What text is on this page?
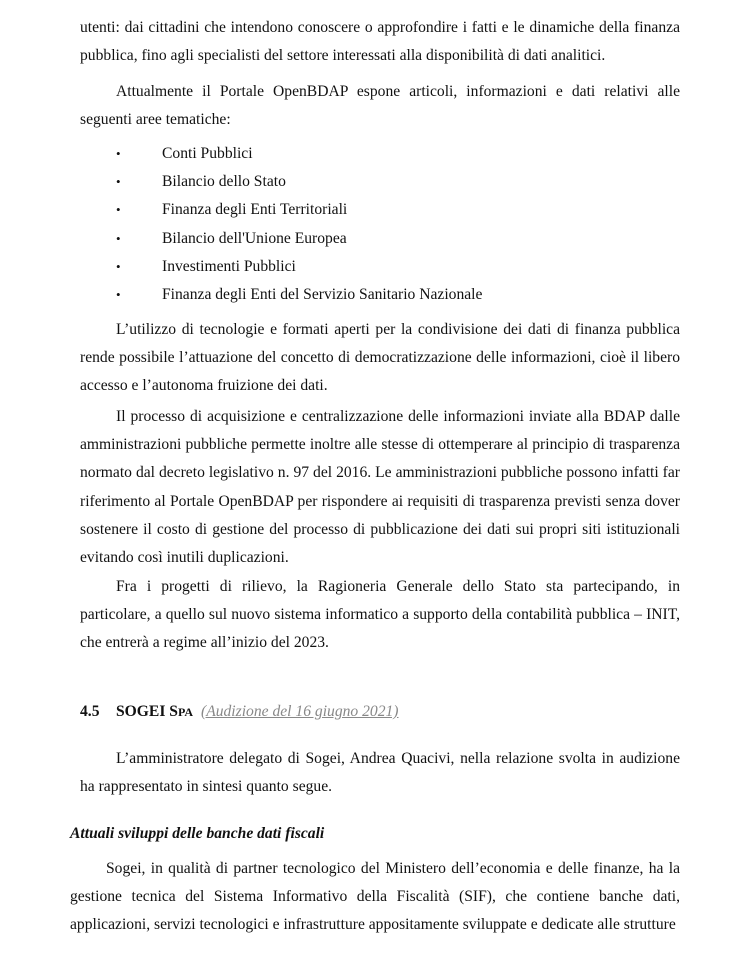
utenti: dai cittadini che intendono conoscere o approfondire i fatti e le dinamiche della finanza pubblica, fino agli specialisti del settore interessati alla disponibilità di dati analitici.

Attualmente il Portale OpenBDAP espone articoli, informazioni e dati relativi alle seguenti aree tematiche:

•	Conti Pubblici
•	Bilancio dello Stato
•	Finanza degli Enti Territoriali
•	Bilancio dell'Unione Europea
•	Investimenti Pubblici
•	Finanza degli Enti del Servizio Sanitario Nazionale

L’utilizzo di tecnologie e formati aperti per la condivisione dei dati di finanza pubblica rende possibile l’attuazione del concetto di democratizzazione delle informazioni, cioè il libero accesso e l’autonoma fruizione dei dati.

Il processo di acquisizione e centralizzazione delle informazioni inviate alla BDAP dalle amministrazioni pubbliche permette inoltre alle stesse di ottemperare al principio di trasparenza normato dal decreto legislativo n. 97 del 2016. Le amministrazioni pubbliche possono infatti far riferimento al Portale OpenBDAP per rispondere ai requisiti di trasparenza previsti senza dover sostenere il costo di gestione del processo di pubblicazione dei dati sui propri siti istituzionali evitando così inutili duplicazioni.

Fra i progetti di rilievo, la Ragioneria Generale dello Stato sta partecipando, in particolare, a quello sul nuovo sistema informatico a supporto della contabilità pubblica – INIT, che entrerà a regime all’inizio del 2023.

4.5 SOGEI SPA (Audizione del 16 giugno 2021)

L’amministratore delegato di Sogei, Andrea Quacivi, nella relazione svolta in audizione ha rappresentato in sintesi quanto segue.

Attuali sviluppi delle banche dati fiscali

Sogei, in qualità di partner tecnologico del Ministero dell’economia e delle finanze, ha la gestione tecnica del Sistema Informativo della Fiscalità (SIF), che contiene banche dati, applicazioni, servizi tecnologici e infrastrutture appositamente sviluppate e dedicate alle strutture
